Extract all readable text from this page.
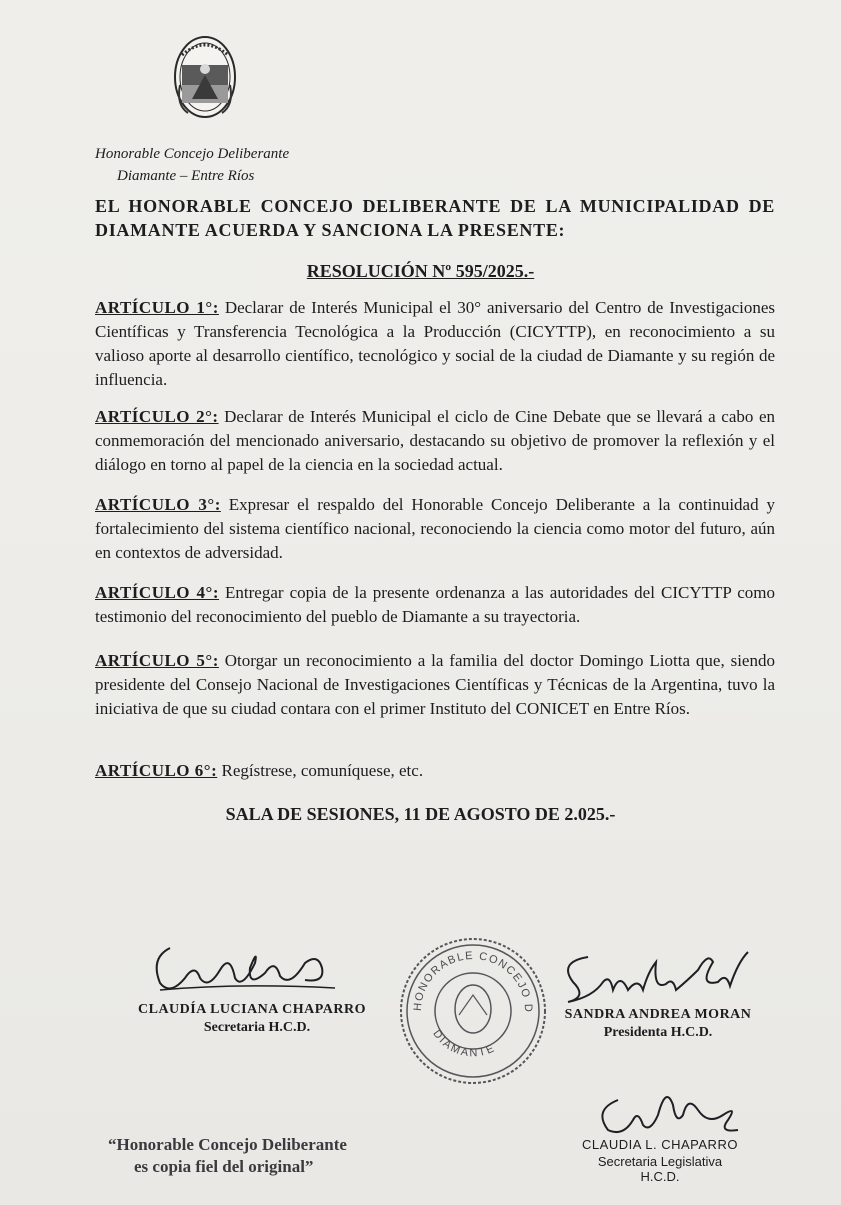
Honorable Concejo Deliberante
Diamante – Entre Ríos
EL HONORABLE CONCEJO DELIBERANTE DE LA MUNICIPALIDAD DE DIAMANTE ACUERDA Y SANCIONA LA PRESENTE:
RESOLUCIÓN Nº 595/2025.-
ARTÍCULO 1°: Declarar de Interés Municipal el 30° aniversario del Centro de Investigaciones Científicas y Transferencia Tecnológica a la Producción (CICYTTP), en reconocimiento a su valioso aporte al desarrollo científico, tecnológico y social de la ciudad de Diamante y su región de influencia.
ARTÍCULO 2°: Declarar de Interés Municipal el ciclo de Cine Debate que se llevará a cabo en conmemoración del mencionado aniversario, destacando su objetivo de promover la reflexión y el diálogo en torno al papel de la ciencia en la sociedad actual.
ARTÍCULO 3°: Expresar el respaldo del Honorable Concejo Deliberante a la continuidad y fortalecimiento del sistema científico nacional, reconociendo la ciencia como motor del futuro, aún en contextos de adversidad.
ARTÍCULO 4°: Entregar copia de la presente ordenanza a las autoridades del CICYTTP como testimonio del reconocimiento del pueblo de Diamante a su trayectoria.
ARTÍCULO 5°: Otorgar un reconocimiento a la familia del doctor Domingo Liotta que, siendo presidente del Consejo Nacional de Investigaciones Científicas y Técnicas de la Argentina, tuvo la iniciativa de que su ciudad contara con el primer Instituto del CONICET en Entre Ríos.
ARTÍCULO 6°: Regístrese, comuníquese, etc.
SALA DE SESIONES, 11 DE AGOSTO DE 2.025.-
CLAUDÍA LUCIANA CHAPARRO
Secretaria H.C.D.
HONORABLE CONCEJO DELIBERANTE
DIAMANTE
SANDRA ANDREA MORAN
Presidenta H.C.D.
CLAUDIA L. CHAPARRO
Secretaria Legislativa
H.C.D.
“Honorable Concejo Deliberante
es copia fiel del original”
